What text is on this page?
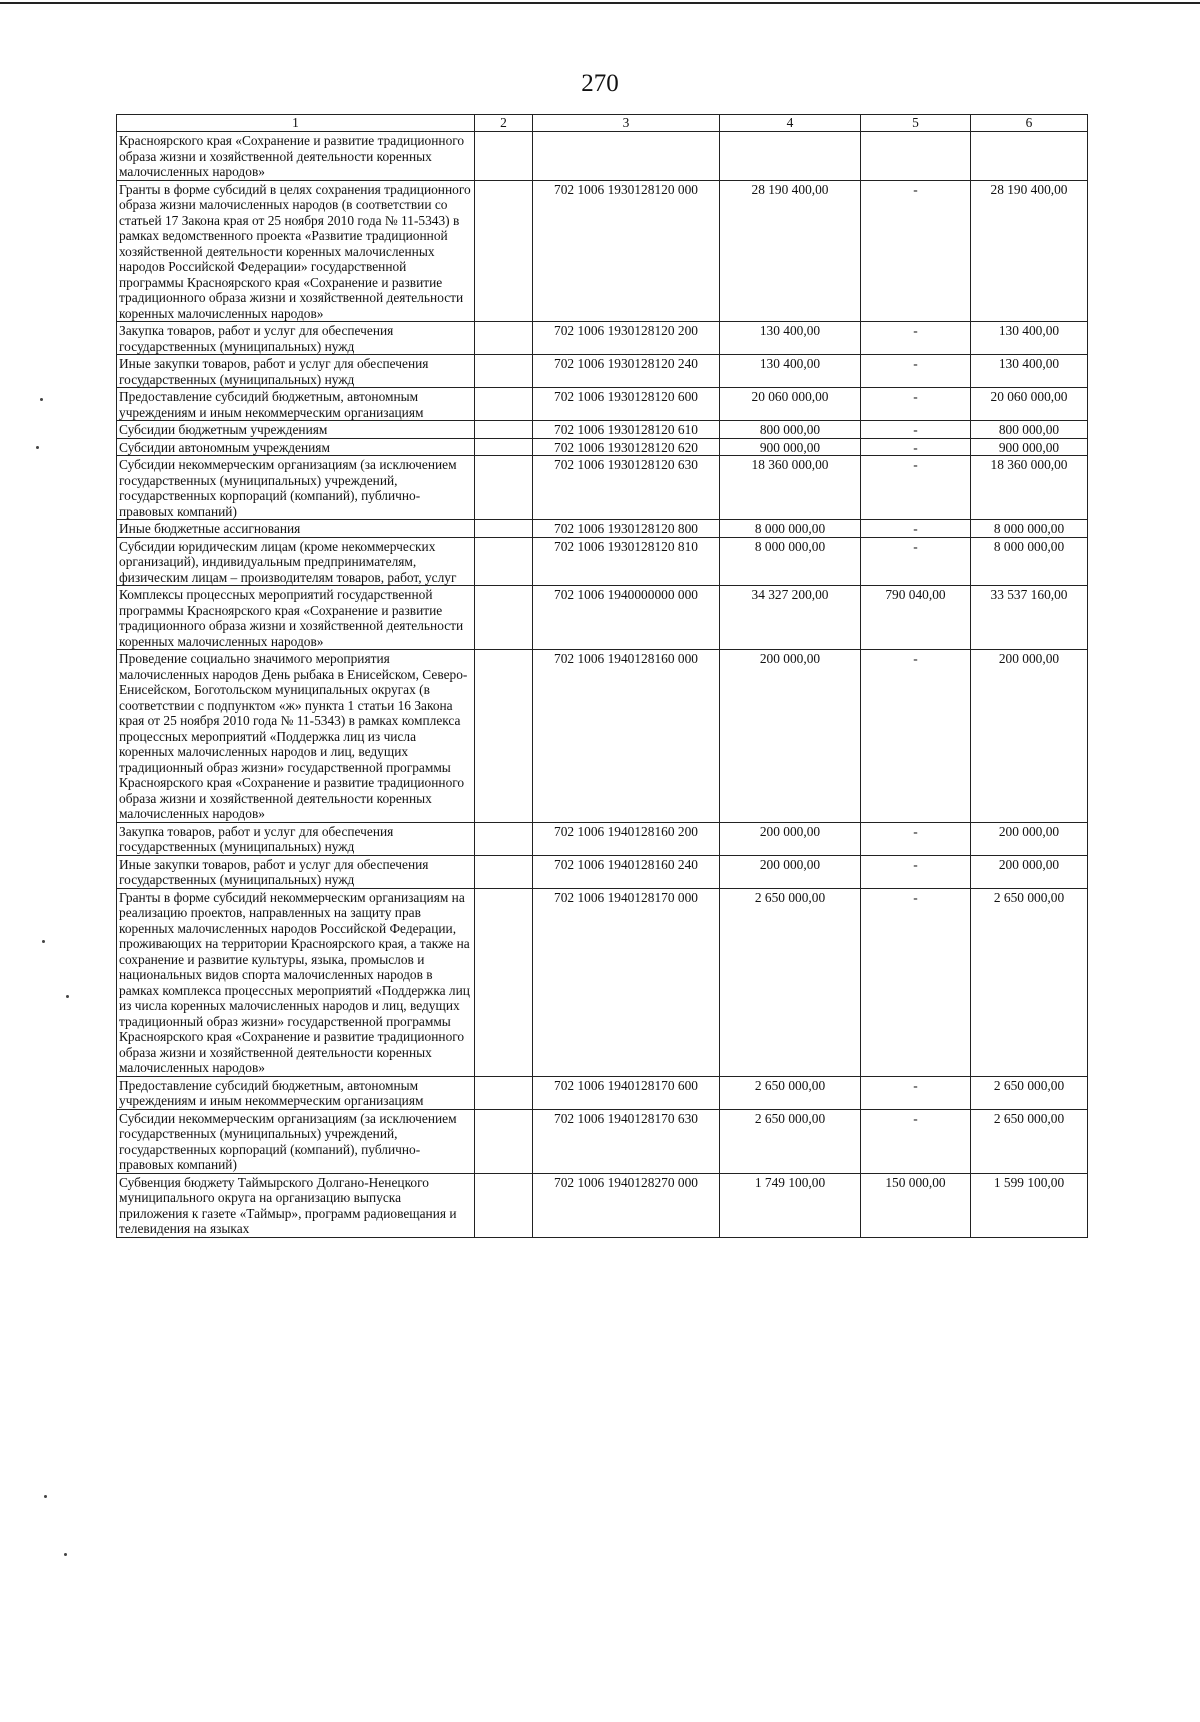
270
1	2	3	4	5	6
Красноярского края «Сохранение и развитие традиционного образа жизни и хозяйственной деятельности коренных малочисленных народов»					
Гранты в форме субсидий в целях сохранения традиционного образа жизни малочисленных народов (в соответствии со статьей 17 Закона края от 25 ноября 2010 года № 11-5343) в рамках ведомственного проекта «Развитие традиционной хозяйственной деятельности коренных малочисленных народов Российской Федерации» государственной программы Красноярского края «Сохранение и развитие традиционного образа жизни и хозяйственной деятельности коренных малочисленных народов»		702 1006 1930128120 000	28 190 400,00	-	28 190 400,00
Закупка товаров, работ и услуг для обеспечения государственных (муниципальных) нужд		702 1006 1930128120 200	130 400,00	-	130 400,00
Иные закупки товаров, работ и услуг для обеспечения государственных (муниципальных) нужд		702 1006 1930128120 240	130 400,00	-	130 400,00
Предоставление субсидий бюджетным, автономным учреждениям и иным некоммерческим организациям		702 1006 1930128120 600	20 060 000,00	-	20 060 000,00
Субсидии бюджетным учреждениям		702 1006 1930128120 610	800 000,00	-	800 000,00
Субсидии автономным учреждениям		702 1006 1930128120 620	900 000,00	-	900 000,00
Субсидии некоммерческим организациям (за исключением государственных (муниципальных) учреждений, государственных корпораций (компаний), публично-правовых компаний)		702 1006 1930128120 630	18 360 000,00	-	18 360 000,00
Иные бюджетные ассигнования		702 1006 1930128120 800	8 000 000,00	-	8 000 000,00
Субсидии юридическим лицам (кроме некоммерческих организаций), индивидуальным предпринимателям, физическим лицам – производителям товаров, работ, услуг		702 1006 1930128120 810	8 000 000,00	-	8 000 000,00
Комплексы процессных мероприятий государственной программы Красноярского края «Сохранение и развитие традиционного образа жизни и хозяйственной деятельности коренных малочисленных народов»		702 1006 1940000000 000	34 327 200,00	790 040,00	33 537 160,00
Проведение социально значимого мероприятия малочисленных народов День рыбака в Енисейском, Северо-Енисейском, Боготольском муниципальных округах (в соответствии с подпунктом «ж» пункта 1 статьи 16 Закона края от 25 ноября 2010 года № 11-5343) в рамках комплекса процессных мероприятий «Поддержка лиц из числа коренных малочисленных народов и лиц, ведущих традиционный образ жизни» государственной программы Красноярского края «Сохранение и развитие традиционного образа жизни и хозяйственной деятельности коренных малочисленных народов»		702 1006 1940128160 000	200 000,00	-	200 000,00
Закупка товаров, работ и услуг для обеспечения государственных (муниципальных) нужд		702 1006 1940128160 200	200 000,00	-	200 000,00
Иные закупки товаров, работ и услуг для обеспечения государственных (муниципальных) нужд		702 1006 1940128160 240	200 000,00	-	200 000,00
Гранты в форме субсидий некоммерческим организациям на реализацию проектов, направленных на защиту прав коренных малочисленных народов Российской Федерации, проживающих на территории Красноярского края, а также на сохранение и развитие культуры, языка, промыслов и национальных видов спорта малочисленных народов в рамках комплекса процессных мероприятий «Поддержка лиц из числа коренных малочисленных народов и лиц, ведущих традиционный образ жизни» государственной программы Красноярского края «Сохранение и развитие традиционного образа жизни и хозяйственной деятельности коренных малочисленных народов»		702 1006 1940128170 000	2 650 000,00	-	2 650 000,00
Предоставление субсидий бюджетным, автономным учреждениям и иным некоммерческим организациям		702 1006 1940128170 600	2 650 000,00	-	2 650 000,00
Субсидии некоммерческим организациям (за исключением государственных (муниципальных) учреждений, государственных корпораций (компаний), публично-правовых компаний)		702 1006 1940128170 630	2 650 000,00	-	2 650 000,00
Субвенция бюджету Таймырского Долгано-Ненецкого муниципального округа на организацию выпуска приложения к газете «Таймыр», программ радиовещания и телевидения на языках		702 1006 1940128270 000	1 749 100,00	150 000,00	1 599 100,00
